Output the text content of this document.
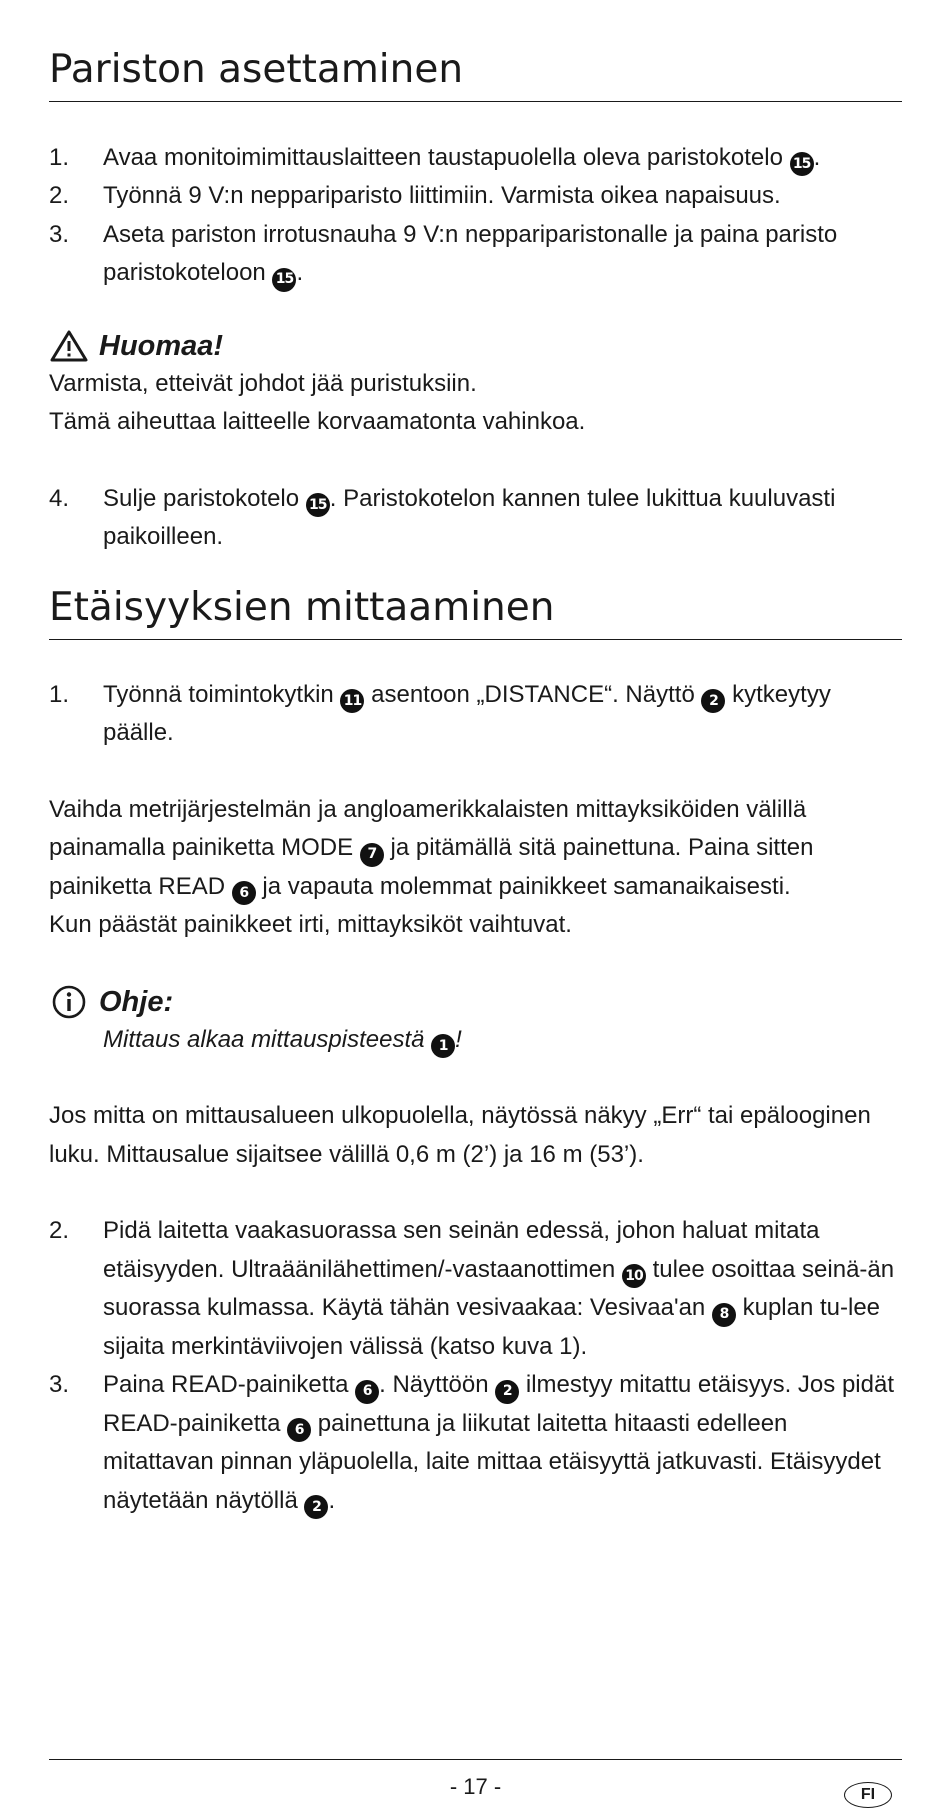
Pariston asettaminen
1. Avaa monitoimimittauslaitteen taustapuolella oleva paristokotelo 15 .
2. Työnnä 9 V:n neppariparisto liittimiin. Varmista oikea napaisuus.
3. Aseta pariston irrotusnauha 9 V:n neppariparistonalle ja paina paristo paristokoteloon 15 .
Huomaa!

Varmista, etteivät johdot jää puristuksiin.

Tämä aiheuttaa laitteelle korvaamatonta vahinkoa.

4. Sulje paristokotelo 15 . Paristokotelon kannen tulee lukittua kuuluvasti paikoilleen.
Etäisyyksien mittaaminen
1. Työnnä toimintokytkin 11 asentoon „DISTANCE“. Näyttö 2 kytkeytyy päälle.

Vaihda metrijärjestelmän ja angloamerikkalaisten mittayksiköiden välillä painamalla painiketta MODE 7 ja pitämällä sitä painettuna. Paina sitten painiketta READ 6 ja vapauta molemmat painikkeet samanaikaisesti.
Kun päästät painikkeet irti, mittayksiköt vaihtuvat.

Ohje:

Mittaus alkaa mittauspisteestä 1 !

Jos mitta on mittausalueen ulkopuolella, näytössä näkyy „Err“ tai epälooginen luku. Mittausalue sijaitsee välillä 0,6 m (2’) ja 16 m (53’).

2. Pidä laitetta vaakasuorassa sen seinän edessä, johon haluat mitata etäisyyden. Ultraäänilähettimen/-vastaanottimen 10 tulee osoittaa seinä-än suorassa kulmassa. Käytä tähän vesivaakaa: Vesivaa'an 8 kuplan tu-lee sijaita merkintäviivojen välissä (katso kuva 1).
3. Paina READ-painiketta 6 . Näyttöön 2 ilmestyy mitattu etäisyys. Jos pidät READ-painiketta 6 painettuna ja liikutat laitetta hitaasti edelleen mitattavan pinnan yläpuolella, laite mittaa etäisyyttä jatkuvasti. Etäisyydet näytetään näytöllä 2 .
- 17 -	FI
